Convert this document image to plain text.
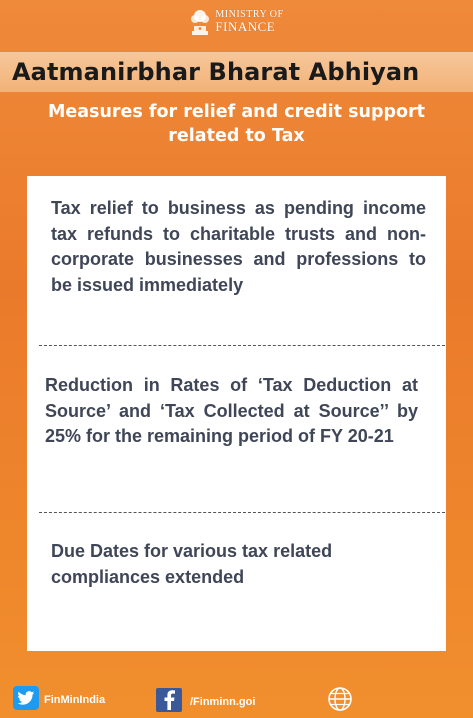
MINISTRY OF
FINANCE
Aatmanirbhar Bharat Abhiyan
Measures for relief and credit support
related to Tax
Tax relief to business as pending income tax refunds to charitable trusts and non-corporate businesses and professions to be issued immediately
Reduction in Rates of ‘Tax Deduction at Source’ and ‘Tax Collected at Source’’ by 25% for the remaining period of FY 20-21
Due Dates for various tax related compliances extended
FinMinIndia	/Finminn.goi
